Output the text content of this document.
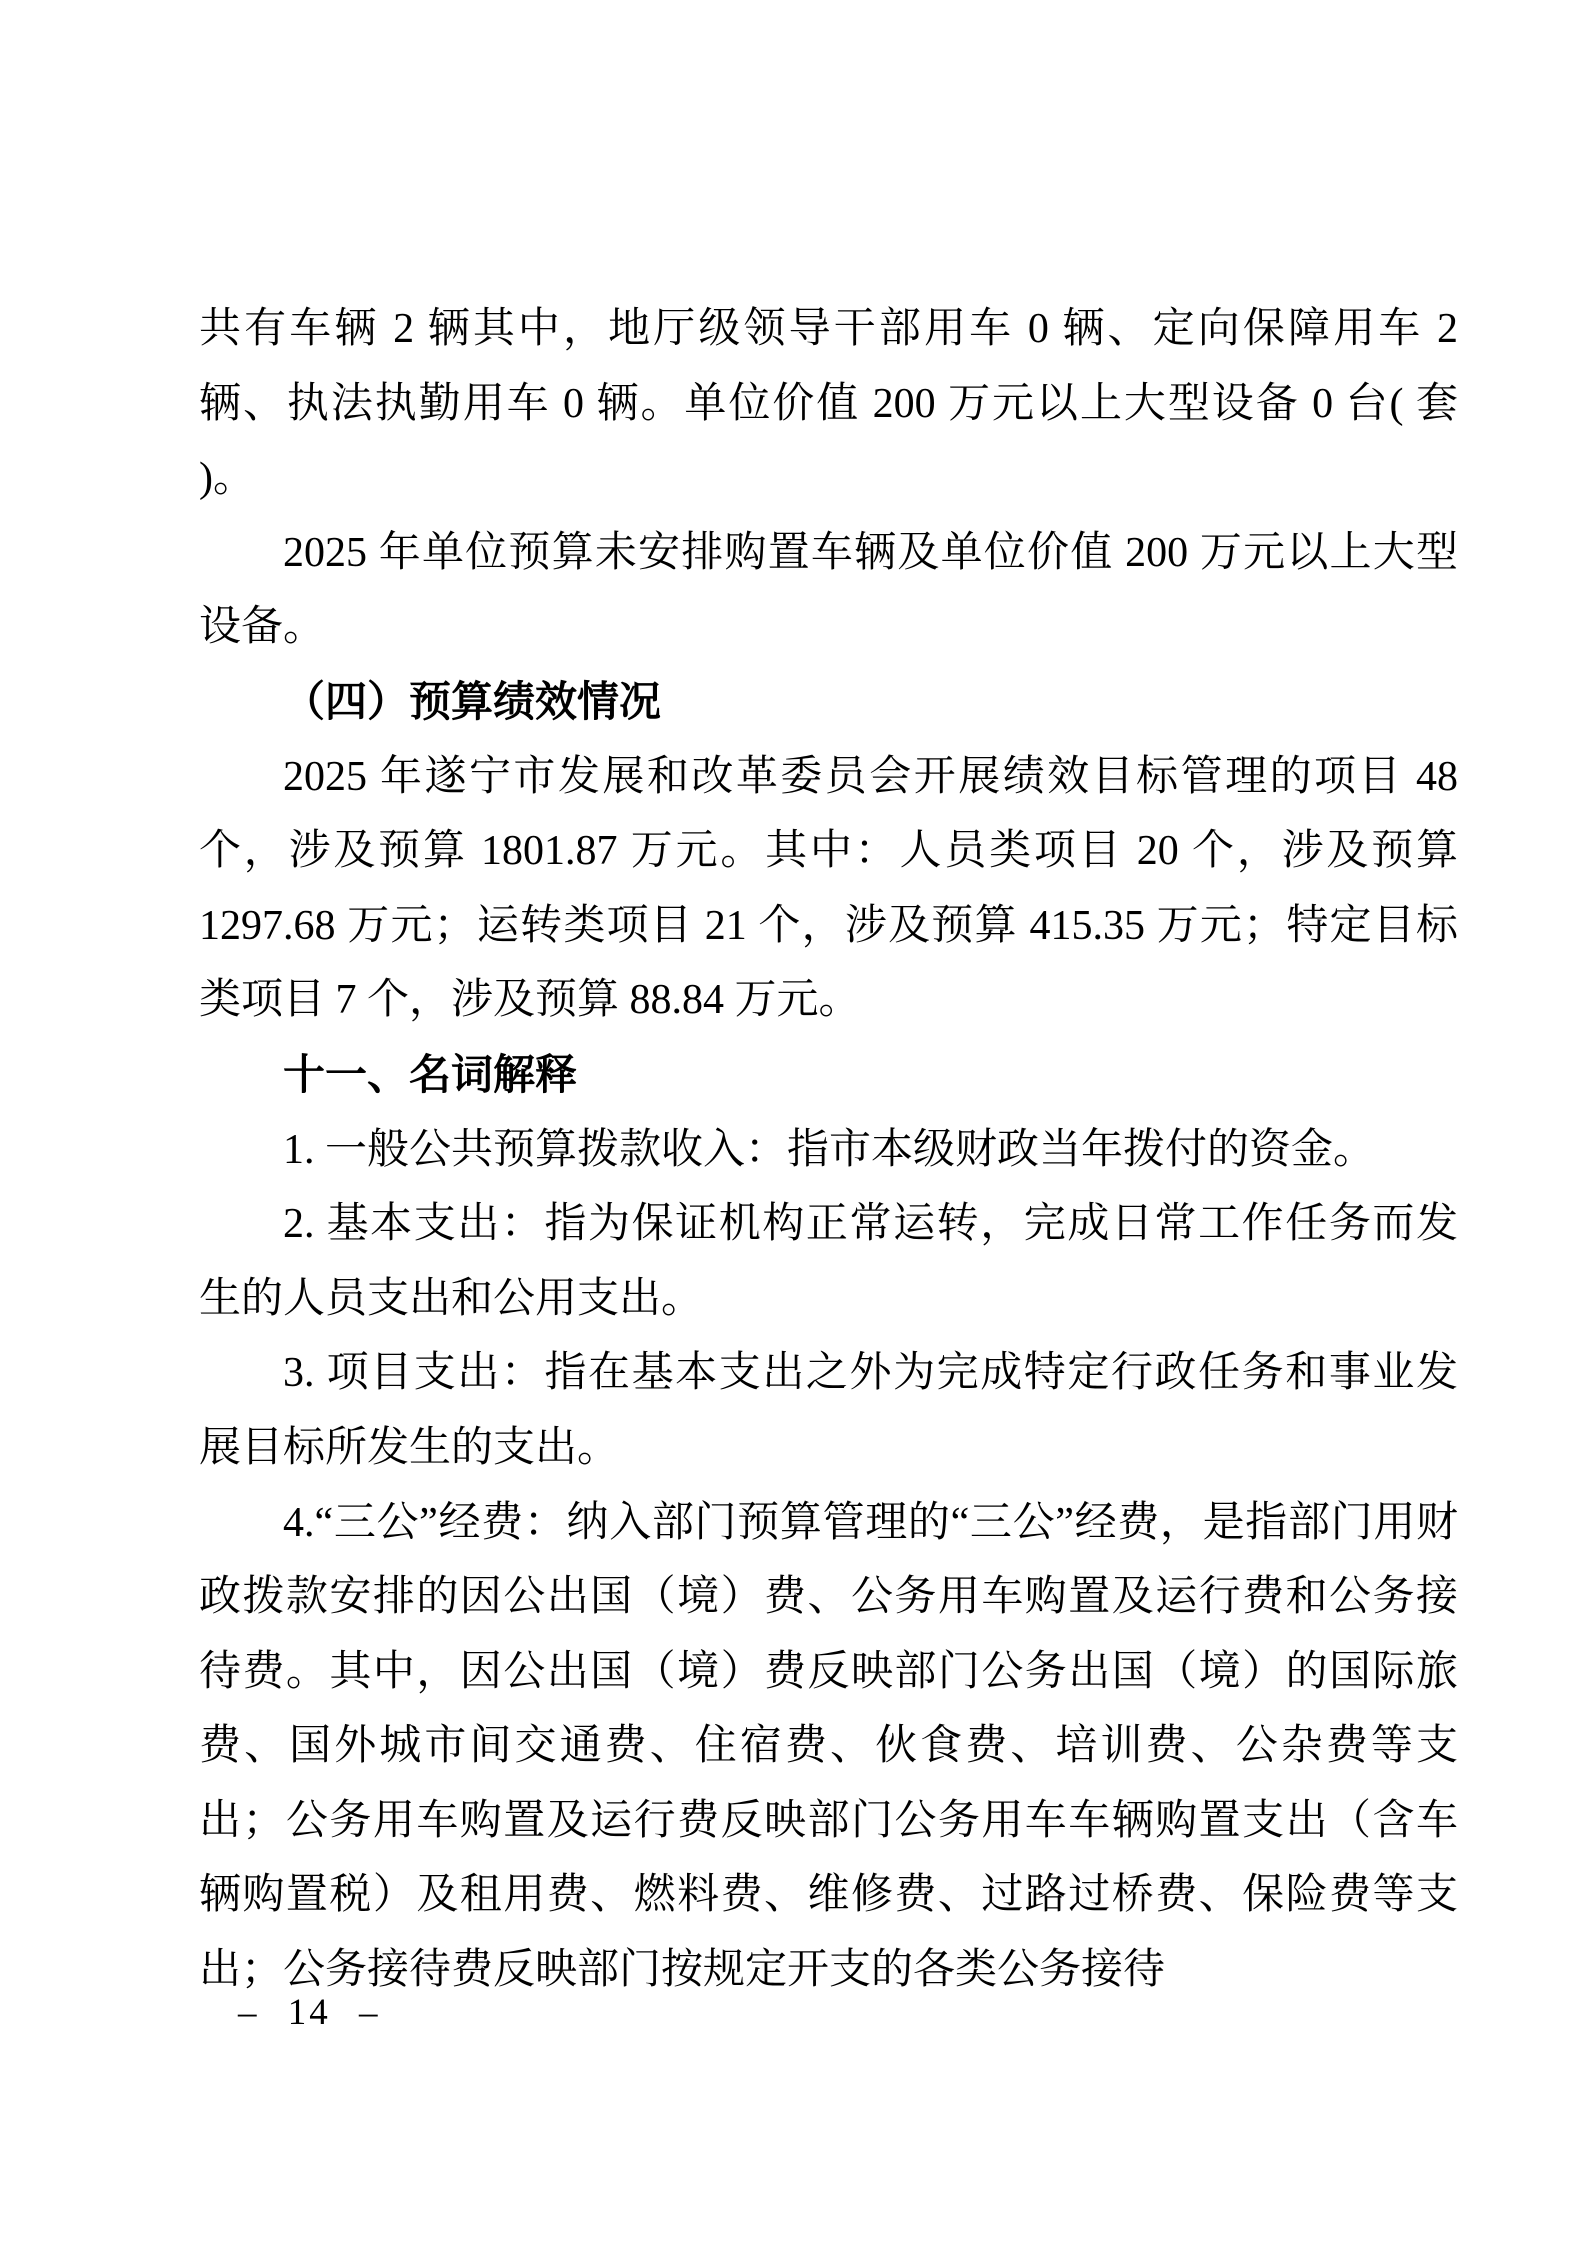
共有车辆 2 辆其中，地厅级领导干部用车 0 辆、定向保障用车 2 辆、执法执勤用车 0 辆。单位价值 200 万元以上大型设备 0 台( 套 )。

2025 年单位预算未安排购置车辆及单位价值 200 万元以上大型设备。

（四）预算绩效情况

2025 年遂宁市发展和改革委员会开展绩效目标管理的项目 48 个，涉及预算 1801.87 万元。其中：人员类项目 20 个，涉及预算 1297.68 万元；运转类项目 21 个，涉及预算 415.35 万元；特定目标类项目 7 个，涉及预算 88.84 万元。

十一、名词解释

1. 一般公共预算拨款收入：指市本级财政当年拨付的资金。

2. 基本支出：指为保证机构正常运转，完成日常工作任务而发生的人员支出和公用支出。

3. 项目支出：指在基本支出之外为完成特定行政任务和事业发展目标所发生的支出。

4.“三公”经费：纳入部门预算管理的“三公”经费，是指部门用财政拨款安排的因公出国（境）费、公务用车购置及运行费和公务接待费。其中，因公出国（境）费反映部门公务出国（境）的国际旅费、国外城市间交通费、住宿费、伙食费、培训费、公杂费等支出；公务用车购置及运行费反映部门公务用车车辆购置支出（含车辆购置税）及租用费、燃料费、维修费、过路过桥费、保险费等支出；公务接待费反映部门按规定开支的各类公务接待

– 14 –
